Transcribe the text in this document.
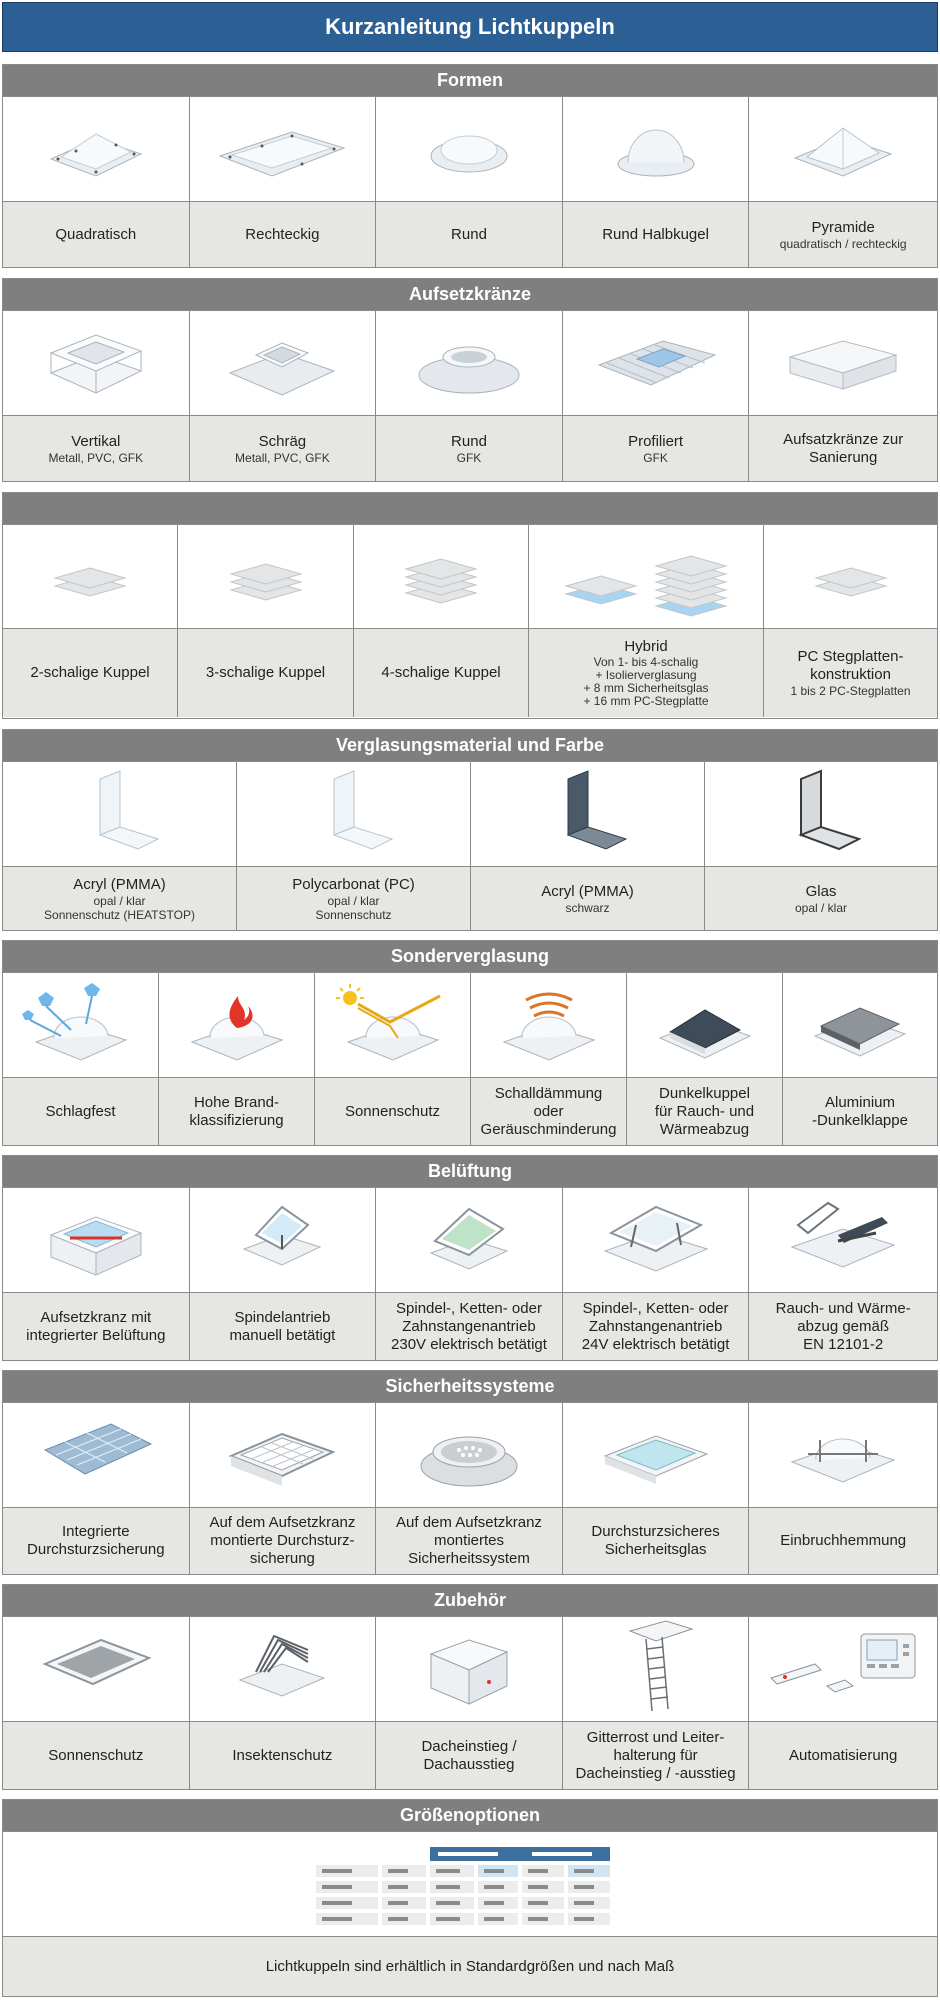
Kurzanleitung Lichtkuppeln
Formen
Quadratisch	Rechteckig	Rund	Rund Halbkugel	Pyramide
quadratisch / rechteckig
Aufsetzkränze
Vertikal
Metall, PVC, GFK
Schräg
Metall, PVC, GFK
Rund
GFK
Profiliert
GFK
Aufsatzkränze zur
Sanierung
2-schalige Kuppel	3-schalige Kuppel	4-schalige Kuppel
Hybrid
Von 1- bis 4-schalig
+ Isolierverglasung
+ 8 mm Sicherheitsglas
+ 16 mm PC-Stegplatte
PC Stegplatten-
konstruktion
1 bis 2 PC-Stegplatten
Verglasungsmaterial und Farbe
Acryl (PMMA)
opal / klar
Sonnenschutz (HEATSTOP)
Polycarbonat (PC)
opal / klar
Sonnenschutz
Acryl (PMMA)
schwarz
Glas
opal / klar
Sonderverglasung
Schlagfest
Hohe Brand-
klassifizierung
Sonnenschutz
Schalldämmung
oder
Geräuschminderung
Dunkelkuppel
für Rauch- und
Wärmeabzug
Aluminium
-Dunkelklappe
Belüftung
Aufsetzkranz mit
integrierter Belüftung
Spindelantrieb
manuell betätigt
Spindel-, Ketten- oder
Zahnstangenantrieb
230V elektrisch betätigt
Spindel-, Ketten- oder
Zahnstangenantrieb
24V elektrisch betätigt
Rauch- und Wärme-
abzug gemäß
EN 12101-2
Sicherheitssysteme
Integrierte
Durchsturzsicherung
Auf dem Aufsetzkranz
montierte Durchsturz-
sicherung
Auf dem Aufsetzkranz
montiertes
Sicherheitssystem
Durchsturzsicheres
Sicherheitsglas
Einbruchhemmung
Zubehör
Sonnenschutz	Insektenschutz
Dacheinstieg /
Dachausstieg
Gitterrost und Leiter-
halterung für
Dacheinstieg / -ausstieg
Automatisierung
Größenoptionen
Lichtkuppeln sind erhältlich in Standardgrößen und nach Maß
